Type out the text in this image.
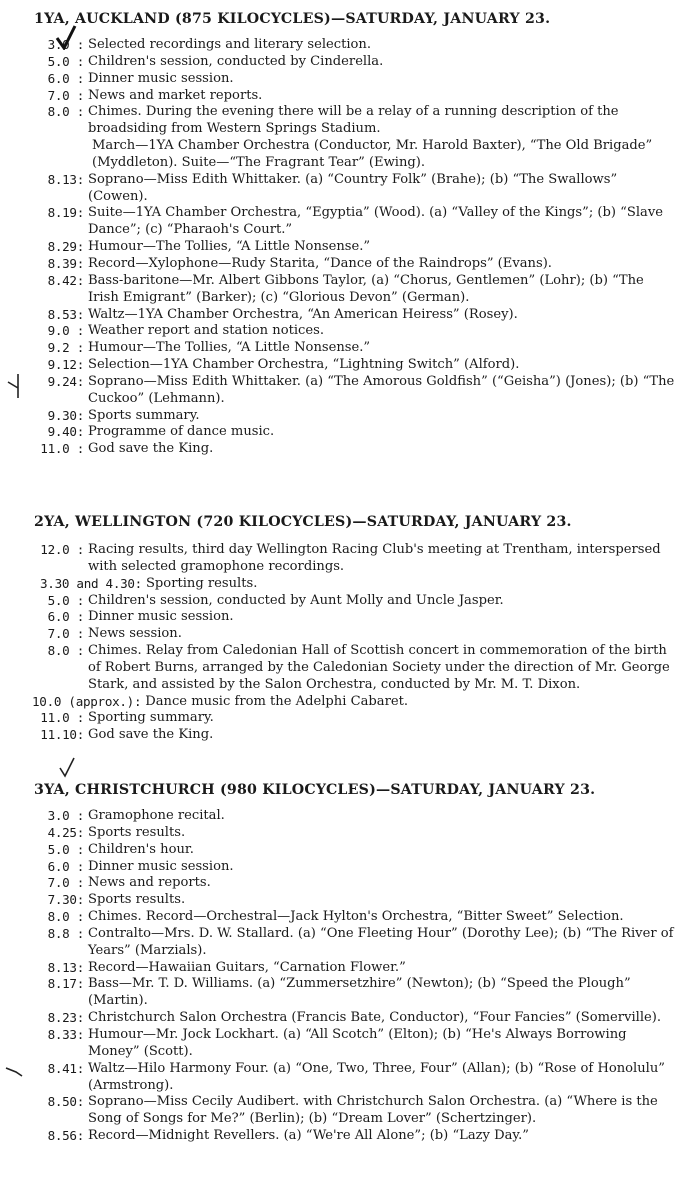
1YA, AUCKLAND (875 KILOCYCLES)—SATURDAY, JANUARY 23.
3.0 : Selected recordings and literary selection.
5.0 : Children's session, conducted by Cinderella.
6.0 : Dinner music session.
7.0 : News and market reports.
8.0 : Chimes. During the evening there will be a relay of a running description of the broadsiding from Western Springs Stadium.
March—1YA Chamber Orchestra (Conductor, Mr. Harold Baxter), “The Old Brigade” (Myddleton). Suite—“The Fragrant Tear” (Ewing).
8.13: Soprano—Miss Edith Whittaker. (a) “Country Folk” (Brahe); (b) “The Swallows” (Cowen).
8.19: Suite—1YA Chamber Orchestra, “Egyptia” (Wood). (a) “Valley of the Kings”; (b) “Slave Dance”; (c) “Pharaoh's Court.”
8.29: Humour—The Tollies, “A Little Nonsense.”
8.39: Record—Xylophone—Rudy Starita, “Dance of the Raindrops” (Evans).
8.42: Bass-baritone—Mr. Albert Gibbons Taylor, (a) “Chorus, Gentlemen” (Lohr); (b) “The Irish Emigrant” (Barker); (c) “Glorious Devon” (German).
8.53: Waltz—1YA Chamber Orchestra, “An American Heiress” (Rosey).
9.0 : Weather report and station notices.
9.2 : Humour—The Tollies, “A Little Nonsense.”
9.12: Selection—1YA Chamber Orchestra, “Lightning Switch” (Alford).
9.24: Soprano—Miss Edith Whittaker. (a) “The Amorous Goldfish” (“Geisha”) (Jones); (b) “The Cuckoo” (Lehmann).
9.30: Sports summary.
9.40: Programme of dance music.
11.0 : God save the King.
2YA, WELLINGTON (720 KILOCYCLES)—SATURDAY, JANUARY 23.
12.0 : Racing results, third day Wellington Racing Club's meeting at Trentham, interspersed with selected gramophone recordings.
3.30 and 4.30: Sporting results.
5.0 : Children's session, conducted by Aunt Molly and Uncle Jasper.
6.0 : Dinner music session.
7.0 : News session.
8.0 : Chimes. Relay from Caledonian Hall of Scottish concert in commemoration of the birth of Robert Burns, arranged by the Caledonian Society under the direction of Mr. George Stark, and assisted by the Salon Orchestra, conducted by Mr. M. T. Dixon.
10.0 (approx.): Dance music from the Adelphi Cabaret.
11.0 : Sporting summary.
11.10: God save the King.
3YA, CHRISTCHURCH (980 KILOCYCLES)—SATURDAY, JANUARY 23.
3.0 : Gramophone recital.
4.25: Sports results.
5.0 : Children's hour.
6.0 : Dinner music session.
7.0 : News and reports.
7.30: Sports results.
8.0 : Chimes. Record—Orchestral—Jack Hylton's Orchestra, “Bitter Sweet” Selection.
8.8 : Contralto—Mrs. D. W. Stallard. (a) “One Fleeting Hour” (Dorothy Lee); (b) “The River of Years” (Marzials).
8.13: Record—Hawaiian Guitars, “Carnation Flower.”
8.17: Bass—Mr. T. D. Williams. (a) “Zummersetzhire” (Newton); (b) “Speed the Plough” (Martin).
8.23: Christchurch Salon Orchestra (Francis Bate, Conductor), “Four Fancies” (Somerville).
8.33: Humour—Mr. Jock Lockhart. (a) “All Scotch” (Elton); (b) “He's Always Borrowing Money” (Scott).
8.41: Waltz—Hilo Harmony Four. (a) “One, Two, Three, Four” (Allan); (b) “Rose of Honolulu” (Armstrong).
8.50: Soprano—Miss Cecily Audibert. with Christchurch Salon Orchestra. (a) “Where is the Song of Songs for Me?” (Berlin); (b) “Dream Lover” (Schertzinger).
8.56: Record—Midnight Revellers. (a) “We're All Alone”; (b) “Lazy Day.”
